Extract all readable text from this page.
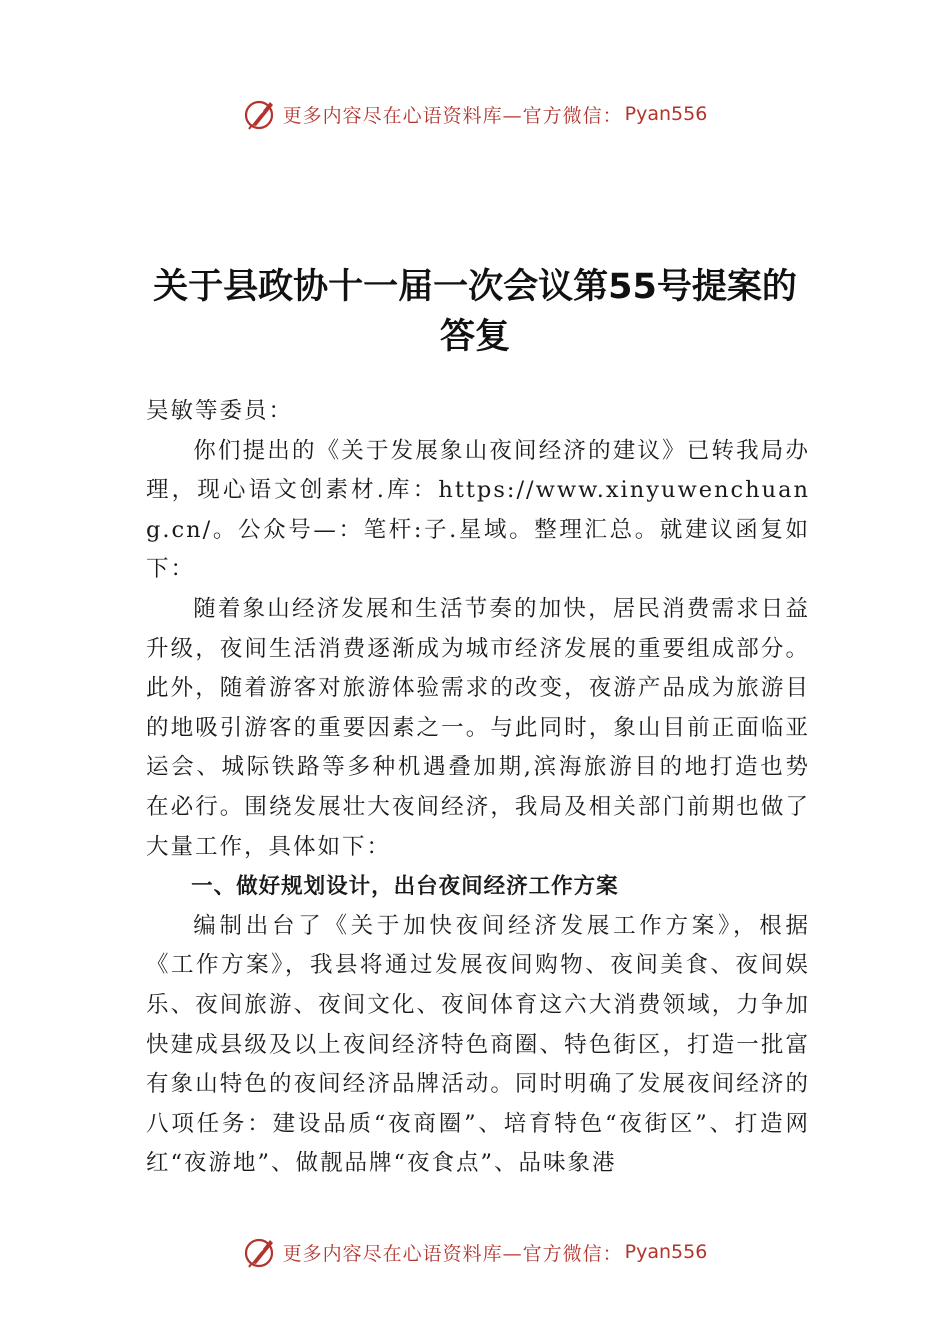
更多内容尽在心语资料库—官方微信： Pyan556
关于县政协十一届一次会议第55号提案的
答复

吴敏等委员：

你们提出的《关于发展象山夜间经济的建议》已转我局办理，现心语文创素材.库：https://www.xinyuwenchuang.cn/。公众号—：笔杆:子.星域。整理汇总。就建议函复如下：

随着象山经济发展和生活节奏的加快，居民消费需求日益升级，夜间生活消费逐渐成为城市经济发展的重要组成部分。此外，随着游客对旅游体验需求的改变，夜游产品成为旅游目的地吸引游客的重要因素之一。与此同时，象山目前正面临亚运会、城际铁路等多种机遇叠加期,滨海旅游目的地打造也势在必行。围绕发展壮大夜间经济，我局及相关部门前期也做了大量工作，具体如下：

一、做好规划设计，出台夜间经济工作方案

编制出台了《关于加快夜间经济发展工作方案》，根据《工作方案》，我县将通过发展夜间购物、夜间美食、夜间娱乐、夜间旅游、夜间文化、夜间体育这六大消费领域，力争加快建成县级及以上夜间经济特色商圈、特色街区，打造一批富有象山特色的夜间经济品牌活动。同时明确了发展夜间经济的八项任务：建设品质“夜商圈”、培育特色“夜街区”、打造网红“夜游地”、做靓品牌“夜食点”、品味象港

更多内容尽在心语资料库—官方微信： Pyan556
